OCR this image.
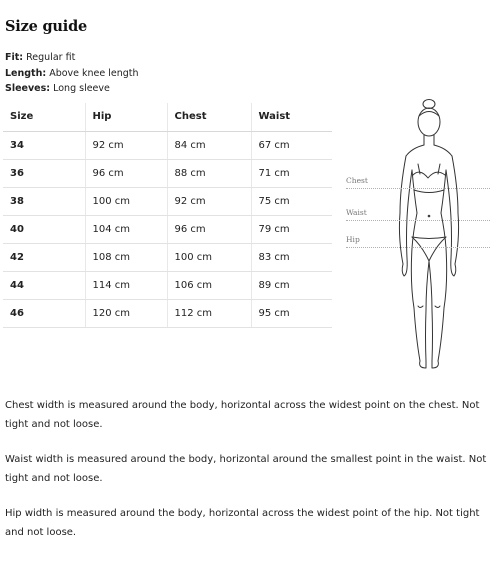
Size guide
Fit: Regular fit
Length: Above knee length
Sleeves: Long sleeve
Size	Hip	Chest	Waist
34	92 cm	84 cm	67 cm
36	96 cm	88 cm	71 cm
38	100 cm	92 cm	75 cm
40	104 cm	96 cm	79 cm
42	108 cm	100 cm	83 cm
44	114 cm	106 cm	89 cm
46	120 cm	112 cm	95 cm
Chest
Waist
Hip

Chest width is measured around the body, horizontal across the widest point on the chest. Not tight and not loose.

Waist width is measured around the body, horizontal around the smallest point in the waist. Not tight and not loose.

Hip width is measured around the body, horizontal across the widest point of the hip. Not tight and not loose.
